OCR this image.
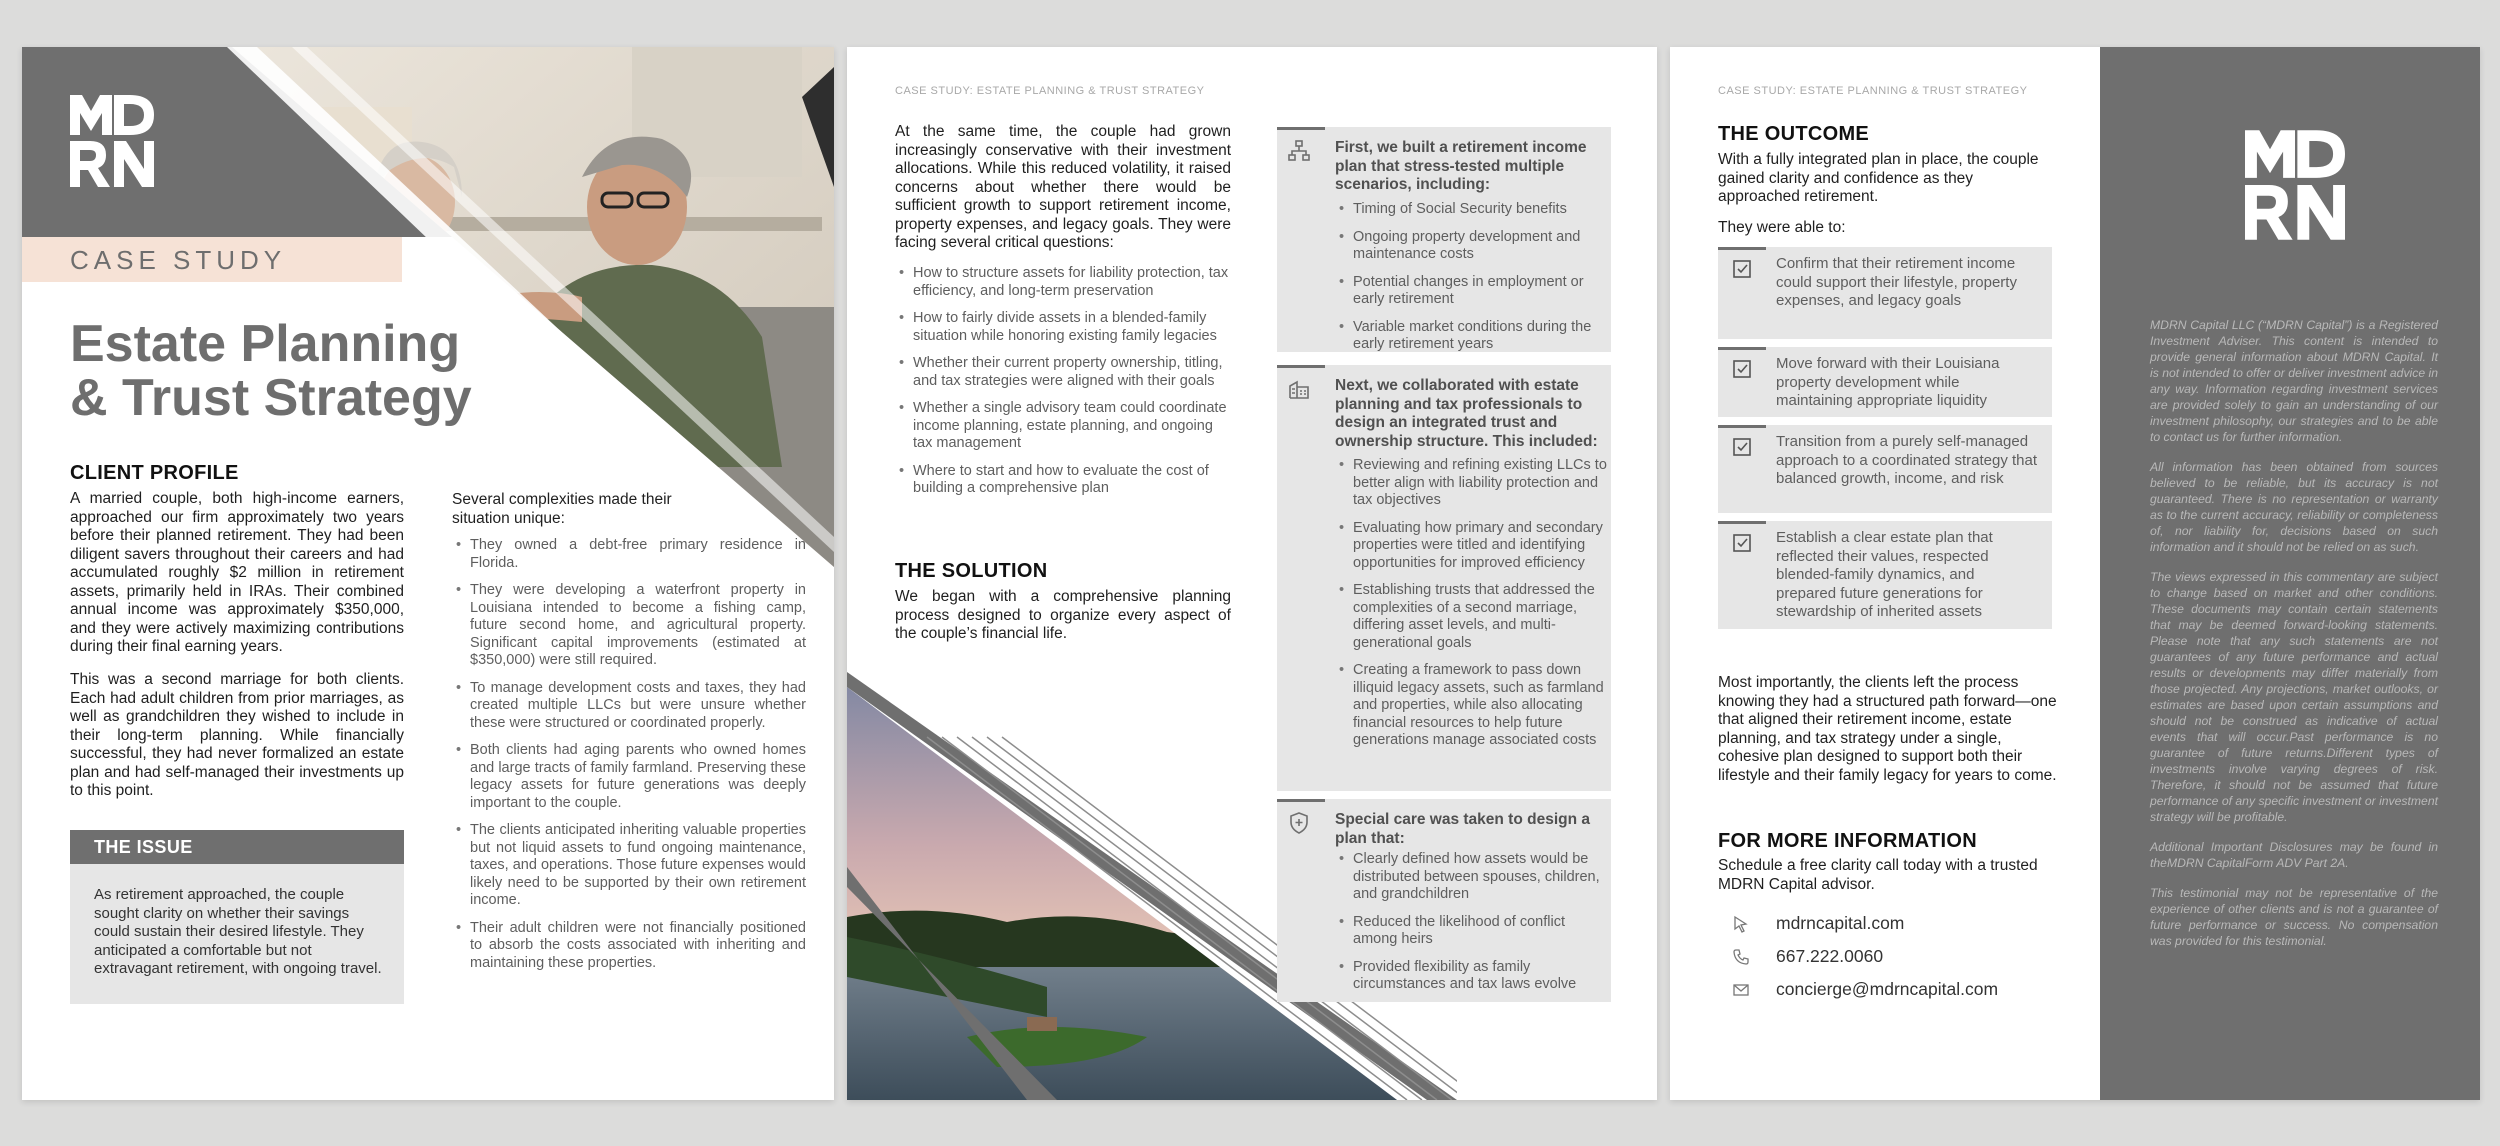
CASE STUDY
Estate Planning
& Trust Strategy
CLIENT PROFILE
A married couple, both high-income earners, approached our firm approximately two years before their planned retirement. They had been diligent savers throughout their careers and had accumulated roughly $2 million in retirement assets, primarily held in IRAs. Their combined annual income was approximately $350,000, and they were actively maximizing contributions during their final earning years.
This was a second marriage for both clients. Each had adult children from prior marriages, as well as grandchildren they wished to include in their long-term planning. While financially successful, they had never formalized an estate plan and had self-managed their investments up to this point.
THE ISSUE
As retirement approached, the couple sought clarity on whether their savings could sustain their desired lifestyle. They anticipated a comfortable but not extravagant retirement, with ongoing travel.
Several complexities made their situation unique:
• They owned a debt-free primary residence in Florida.
• They were developing a waterfront property in Louisiana intended to become a fishing camp, future second home, and agricultural property. Significant capital improvements (estimated at $350,000) were still required.
• To manage development costs and taxes, they had created multiple LLCs but were unsure whether these were structured or coordinated properly.
• Both clients had aging parents who owned homes and large tracts of family farmland. Preserving these legacy assets for future generations was deeply important to the couple.
• The clients anticipated inheriting valuable properties but not liquid assets to fund ongoing maintenance, taxes, and operations. Those future expenses would likely need to be supported by their own retirement income.
• Their adult children were not financially positioned to absorb the costs associated with inheriting and maintaining these properties.
CASE STUDY: ESTATE PLANNING & TRUST STRATEGY
At the same time, the couple had grown increasingly conservative with their investment allocations. While this reduced volatility, it raised concerns about whether there would be sufficient growth to support retirement income, property expenses, and legacy goals. They were facing several critical questions:
• How to structure assets for liability protection, tax efficiency, and long-term preservation
• How to fairly divide assets in a blended-family situation while honoring existing family legacies
• Whether their current property ownership, titling, and tax strategies were aligned with their goals
• Whether a single advisory team could coordinate income planning, estate planning, and ongoing tax management
• Where to start and how to evaluate the cost of building a comprehensive plan
THE SOLUTION
We began with a comprehensive planning process designed to organize every aspect of the couple’s financial life.
First, we built a retirement income plan that stress-tested multiple scenarios, including:
• Timing of Social Security benefits
• Ongoing property development and maintenance costs
• Potential changes in employment or early retirement
• Variable market conditions during the early retirement years
Next, we collaborated with estate planning and tax professionals to design an integrated trust and ownership structure. This included:
• Reviewing and refining existing LLCs to better align with liability protection and tax objectives
• Evaluating how primary and secondary properties were titled and identifying opportunities for improved efficiency
• Establishing trusts that addressed the complexities of a second marriage, differing asset levels, and multi-generational goals
• Creating a framework to pass down illiquid legacy assets, such as farmland and properties, while also allocating financial resources to help future generations manage associated costs
Special care was taken to design a plan that:
• Clearly defined how assets would be distributed between spouses, children, and grandchildren
• Reduced the likelihood of conflict among heirs
• Provided flexibility as family circumstances and tax laws evolve
CASE STUDY: ESTATE PLANNING & TRUST STRATEGY
THE OUTCOME
With a fully integrated plan in place, the couple gained clarity and confidence as they approached retirement.
They were able to:

Confirm that their retirement income could support their lifestyle, property expenses, and legacy goals

Move forward with their Louisiana property development while maintaining appropriate liquidity

Transition from a purely self-managed approach to a coordinated strategy that balanced growth, income, and risk

Establish a clear estate plan that reflected their values, respected blended-family dynamics, and prepared future generations for stewardship of inherited assets

Most importantly, the clients left the process knowing they had a structured path forward—one that aligned their retirement income, estate planning, and tax strategy under a single, cohesive plan designed to support both their lifestyle and their family legacy for years to come.
FOR MORE INFORMATION
Schedule a free clarity call today with a trusted MDRN Capital advisor.
mdrncapital.com
667.222.0060
concierge@mdrncapital.com

MDRN Capital LLC (“MDRN Capital”) is a Registered Investment Adviser. This content is intended to provide general information about MDRN Capital. It is not intended to offer or deliver investment advice in any way. Information regarding investment services are provided solely to gain an understanding of our investment philosophy, our strategies and to be able to contact us for further information.

All information has been obtained from sources believed to be reliable, but its accuracy is not guaranteed. There is no representation or warranty as to the current accuracy, reliability or completeness of, nor liability for, decisions based on such information and it should not be relied on as such.

The views expressed in this commentary are subject to change based on market and other conditions. These documents may contain certain statements that may be deemed forward-looking statements. Please note that any such statements are not guarantees of any future performance and actual results or developments may differ materially from those projected. Any projections, market outlooks, or estimates are based upon certain assumptions and should not be construed as indicative of actual events that will occur.Past performance is no guarantee of future returns.Different types of investments involve varying degrees of risk. Therefore, it should not be assumed that future performance of any specific investment or investment strategy will be profitable.

Additional Important Disclosures may be found in theMDRN CapitalForm ADV Part 2A.

This testimonial may not be representative of the experience of other clients and is not a guarantee of future performance or success. No compensation was provided for this testimonial.
